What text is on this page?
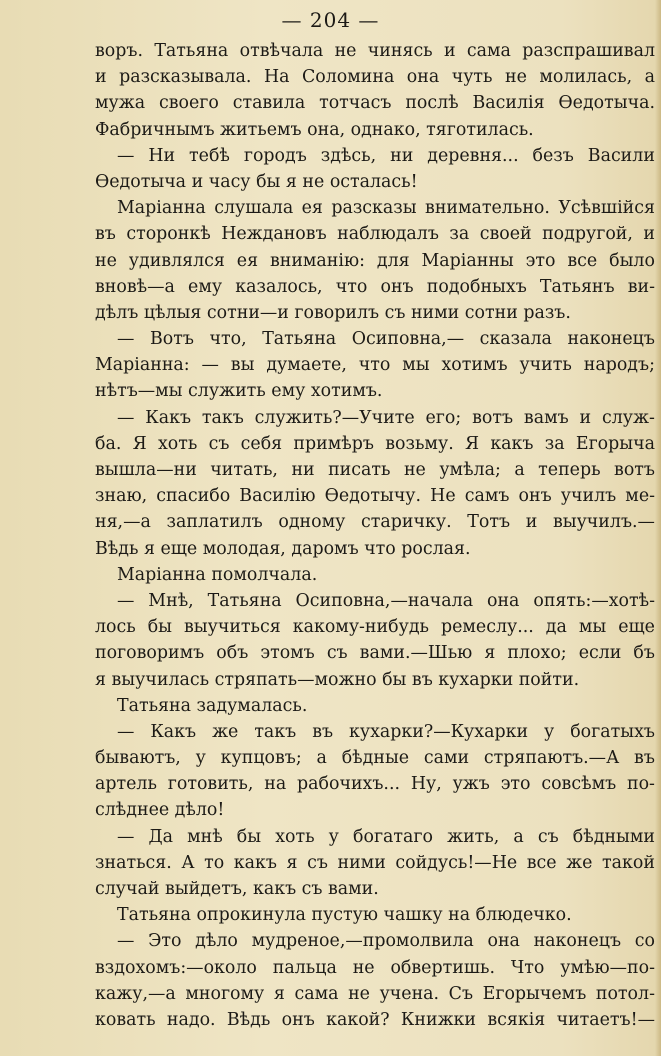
— 204 —
воръ. Татьяна отвѣчала не чинясь и сама разспрашивал
и разсказывала. На Соломина она чуть не молилась, а
мужа своего ставила тотчасъ послѣ Василія Ѳедотыча.
Фабричнымъ житьемъ она, однако, тяготилась.
— Ни тебѣ городъ здѣсь, ни деревня... безъ Васили
Ѳедотыча и часу бы я не осталась!
Маріанна слушала ея разсказы внимательно. Усѣвшійся
въ сторонкѣ Неждановъ наблюдалъ за своей подругой, и
не удивлялся ея вниманію: для Маріанны это все было
вновѣ—а ему казалось, что онъ подобныхъ Татьянъ ви-
дѣлъ цѣлыя сотни—и говорилъ съ ними сотни разъ.
— Вотъ что, Татьяна Осиповна,— сказала наконецъ
Маріанна: — вы думаете, что мы хотимъ учить народъ;
нѣтъ—мы служить ему хотимъ.
— Какъ такъ служить?—Учите его; вотъ вамъ и служ-
ба. Я хоть съ себя примѣръ возьму. Я какъ за Егорыча
вышла—ни читать, ни писать не умѣла; а теперь вотъ
знаю, спасибо Василію Ѳедотычу. Не самъ онъ училъ ме-
ня,—а заплатилъ одному старичку. Тотъ и выучилъ.—
Вѣдь я еще молодая, даромъ что рослая.
Маріанна помолчала.
— Мнѣ, Татьяна Осиповна,—начала она опять:—хотѣ-
лось бы выучиться какому-нибудь ремеслу... да мы еще
поговоримъ объ этомъ съ вами.—Шью я плохо; если бъ
я выучилась стряпать—можно бы въ кухарки пойти.
Татьяна задумалась.
— Какъ же такъ въ кухарки?—Кухарки у богатыхъ
бываютъ, у купцовъ; а бѣдные сами стряпаютъ.—А въ
артель готовить, на рабочихъ... Ну, ужъ это совсѣмъ по-
слѣднее дѣло!
— Да мнѣ бы хоть у богатаго жить, а съ бѣдными
знаться. А то какъ я съ ними сойдусь!—Не все же такой
случай выйдетъ, какъ съ вами.
Татьяна опрокинула пустую чашку на блюдечко.
— Это дѣло мудреное,—промолвила она наконецъ со
вздохомъ:—около пальца не обвертишь. Что умѣю—по-
кажу,—а многому я сама не учена. Съ Егорычемъ потол-
ковать надо. Вѣдь онъ какой? Книжки всякія читаетъ!—
